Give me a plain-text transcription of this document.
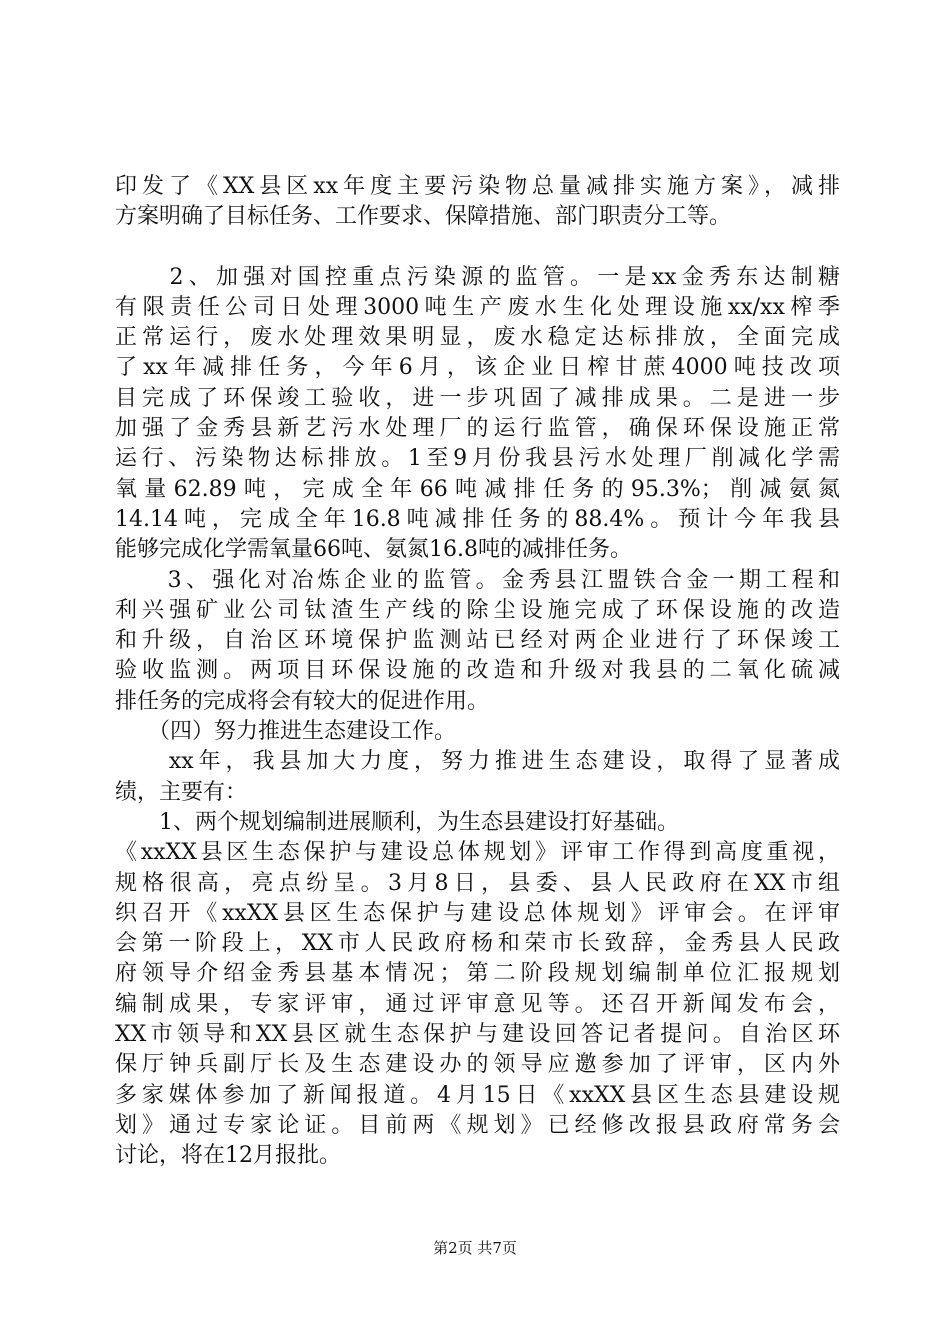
印发了《XX县区xx年度主要污染物总量减排实施方案》，减排
方案明确了目标任务、工作要求、保障措施、部门职责分工等。
　　2、加强对国控重点污染源的监管。一是xx金秀东达制糖
有限责任公司日处理3000吨生产废水生化处理设施xx/xx榨季
正常运行，废水处理效果明显，废水稳定达标排放，全面完成
了xx年减排任务，今年6月，该企业日榨甘蔗4000吨技改项
目完成了环保竣工验收，进一步巩固了减排成果。二是进一步
加强了金秀县新艺污水处理厂的运行监管，确保环保设施正常
运行、污染物达标排放。1至9月份我县污水处理厂削减化学需
氧量62.89吨，完成全年66吨减排任务的95.3%；削减氨氮
14.14吨，完成全年16.8吨减排任务的88.4%。预计今年我县
能够完成化学需氧量66吨、氨氮16.8吨的减排任务。
　　3、强化对冶炼企业的监管。金秀县江盟铁合金一期工程和
利兴强矿业公司钛渣生产线的除尘设施完成了环保设施的改造
和升级，自治区环境保护监测站已经对两企业进行了环保竣工
验收监测。两项目环保设施的改造和升级对我县的二氧化硫减
排任务的完成将会有较大的促进作用。
　　（四）努力推进生态建设工作。
　　xx年，我县加大力度，努力推进生态建设，取得了显著成
绩，主要有：
　　1、两个规划编制进展顺利，为生态县建设打好基础。
《xxXX县区生态保护与建设总体规划》评审工作得到高度重视，
规格很高，亮点纷呈。3月8日，县委、县人民政府在XX市组
织召开《xxXX县区生态保护与建设总体规划》评审会。在评审
会第一阶段上，XX市人民政府杨和荣市长致辞，金秀县人民政
府领导介绍金秀县基本情况；第二阶段规划编制单位汇报规划
编制成果，专家评审，通过评审意见等。还召开新闻发布会，
XX市领导和XX县区就生态保护与建设回答记者提问。自治区环
保厅钟兵副厅长及生态建设办的领导应邀参加了评审，区内外
多家媒体参加了新闻报道。4月15日《xxXX县区生态县建设规
划》通过专家论证。目前两《规划》已经修改报县政府常务会
讨论，将在12月报批。
第2页 共7页
